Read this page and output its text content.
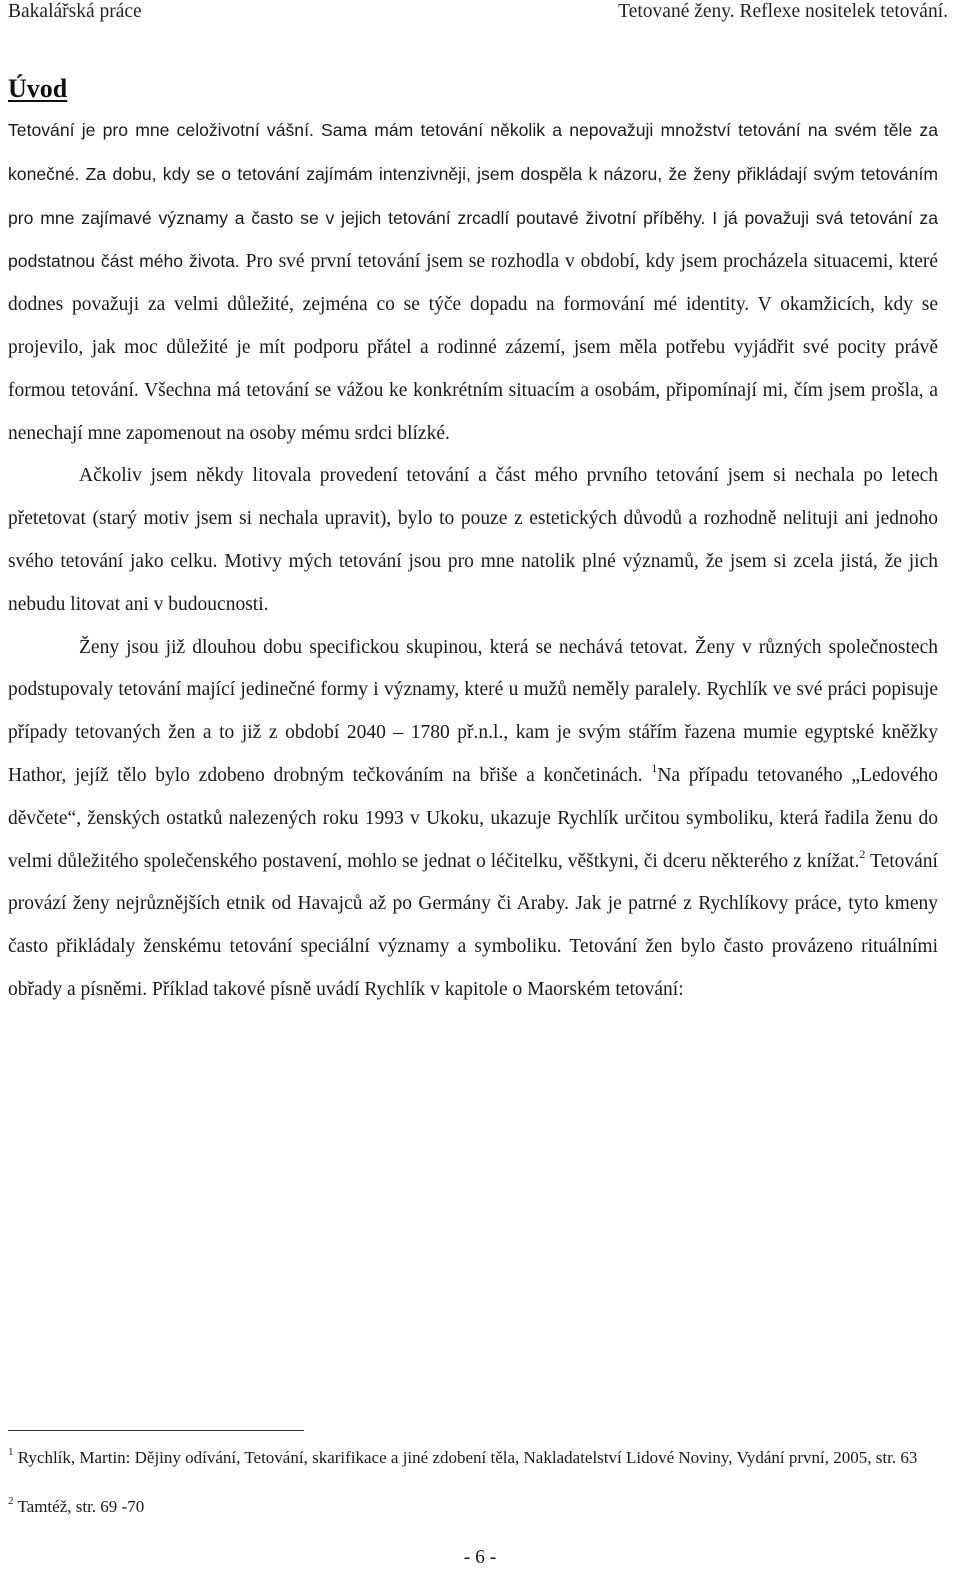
Bakalářská práce	Tetované ženy. Reflexe nositelek tetování.
Úvod

Tetování je pro mne celoživotní vášní. Sama mám tetování několik a nepovažuji množství tetování na svém těle za konečné. Za dobu, kdy se o tetování zajímám intenzivněji, jsem dospěla k názoru, že ženy přikládají svým tetováním pro mne zajímavé významy a často se v jejich tetování zrcadlí poutavé životní příběhy. I já považuji svá tetování za podstatnou část mého života. Pro své první tetování jsem se rozhodla v období, kdy jsem procházela situacemi, které dodnes považuji za velmi důležité, zejména co se týče dopadu na formování mé identity. V okamžicích, kdy se projevilo, jak moc důležité je mít podporu přátel a rodinné zázemí, jsem měla potřebu vyjádřit své pocity právě formou tetování. Všechna má tetování se vážou ke konkrétním situacím a osobám, připomínají mi, čím jsem prošla, a nenechají mne zapomenout na osoby mému srdci blízké.

Ačkoliv jsem někdy litovala provedení tetování a část mého prvního tetování jsem si nechala po letech přetetovat (starý motiv jsem si nechala upravit), bylo to pouze z estetických důvodů a rozhodně nelituji ani jednoho svého tetování jako celku. Motivy mých tetování jsou pro mne natolik plné významů, že jsem si zcela jistá, že jich nebudu litovat ani v budoucnosti.

Ženy jsou již dlouhou dobu specifickou skupinou, která se nechává tetovat. Ženy v různých společnostech podstupovaly tetování mající jedinečné formy i významy, které u mužů neměly paralely. Rychlík ve své práci popisuje případy tetovaných žen a to již z období 2040 – 1780 př.n.l., kam je svým stářím řazena mumie egyptské kněžky Hathor, jejíž tělo bylo zdobeno drobným tečkováním na břiše a končetinách. $^1$Na případu tetovaného „Ledového děvčete“, ženských ostatků nalezených roku 1993 v Ukoku, ukazuje Rychlík určitou symboliku, která řadila ženu do velmi důležitého společenského postavení, mohlo se jednat o léčitelku, věštkyni, či dceru některého z knížat.$^2$ Tetování provází ženy nejrůznějších etnik od Havajců až po Germány či Araby. Jak je patrné z Rychlíkovy práce, tyto kmeny často přikládaly ženskému tetování speciální významy a symboliku. Tetování žen bylo často provázeno rituálními obřady a písněmi. Příklad takové písně uvádí Rychlík v kapitole o Maorském tetování:

$^1$ Rychlík, Martin: Dějiny odívání, Tetování, skarifikace a jiné zdobení těla, Nakladatelství Lidové Noviny, Vydání první, 2005, str. 63

$^2$ Tamtéž, str. 69 -70

- 6 -
